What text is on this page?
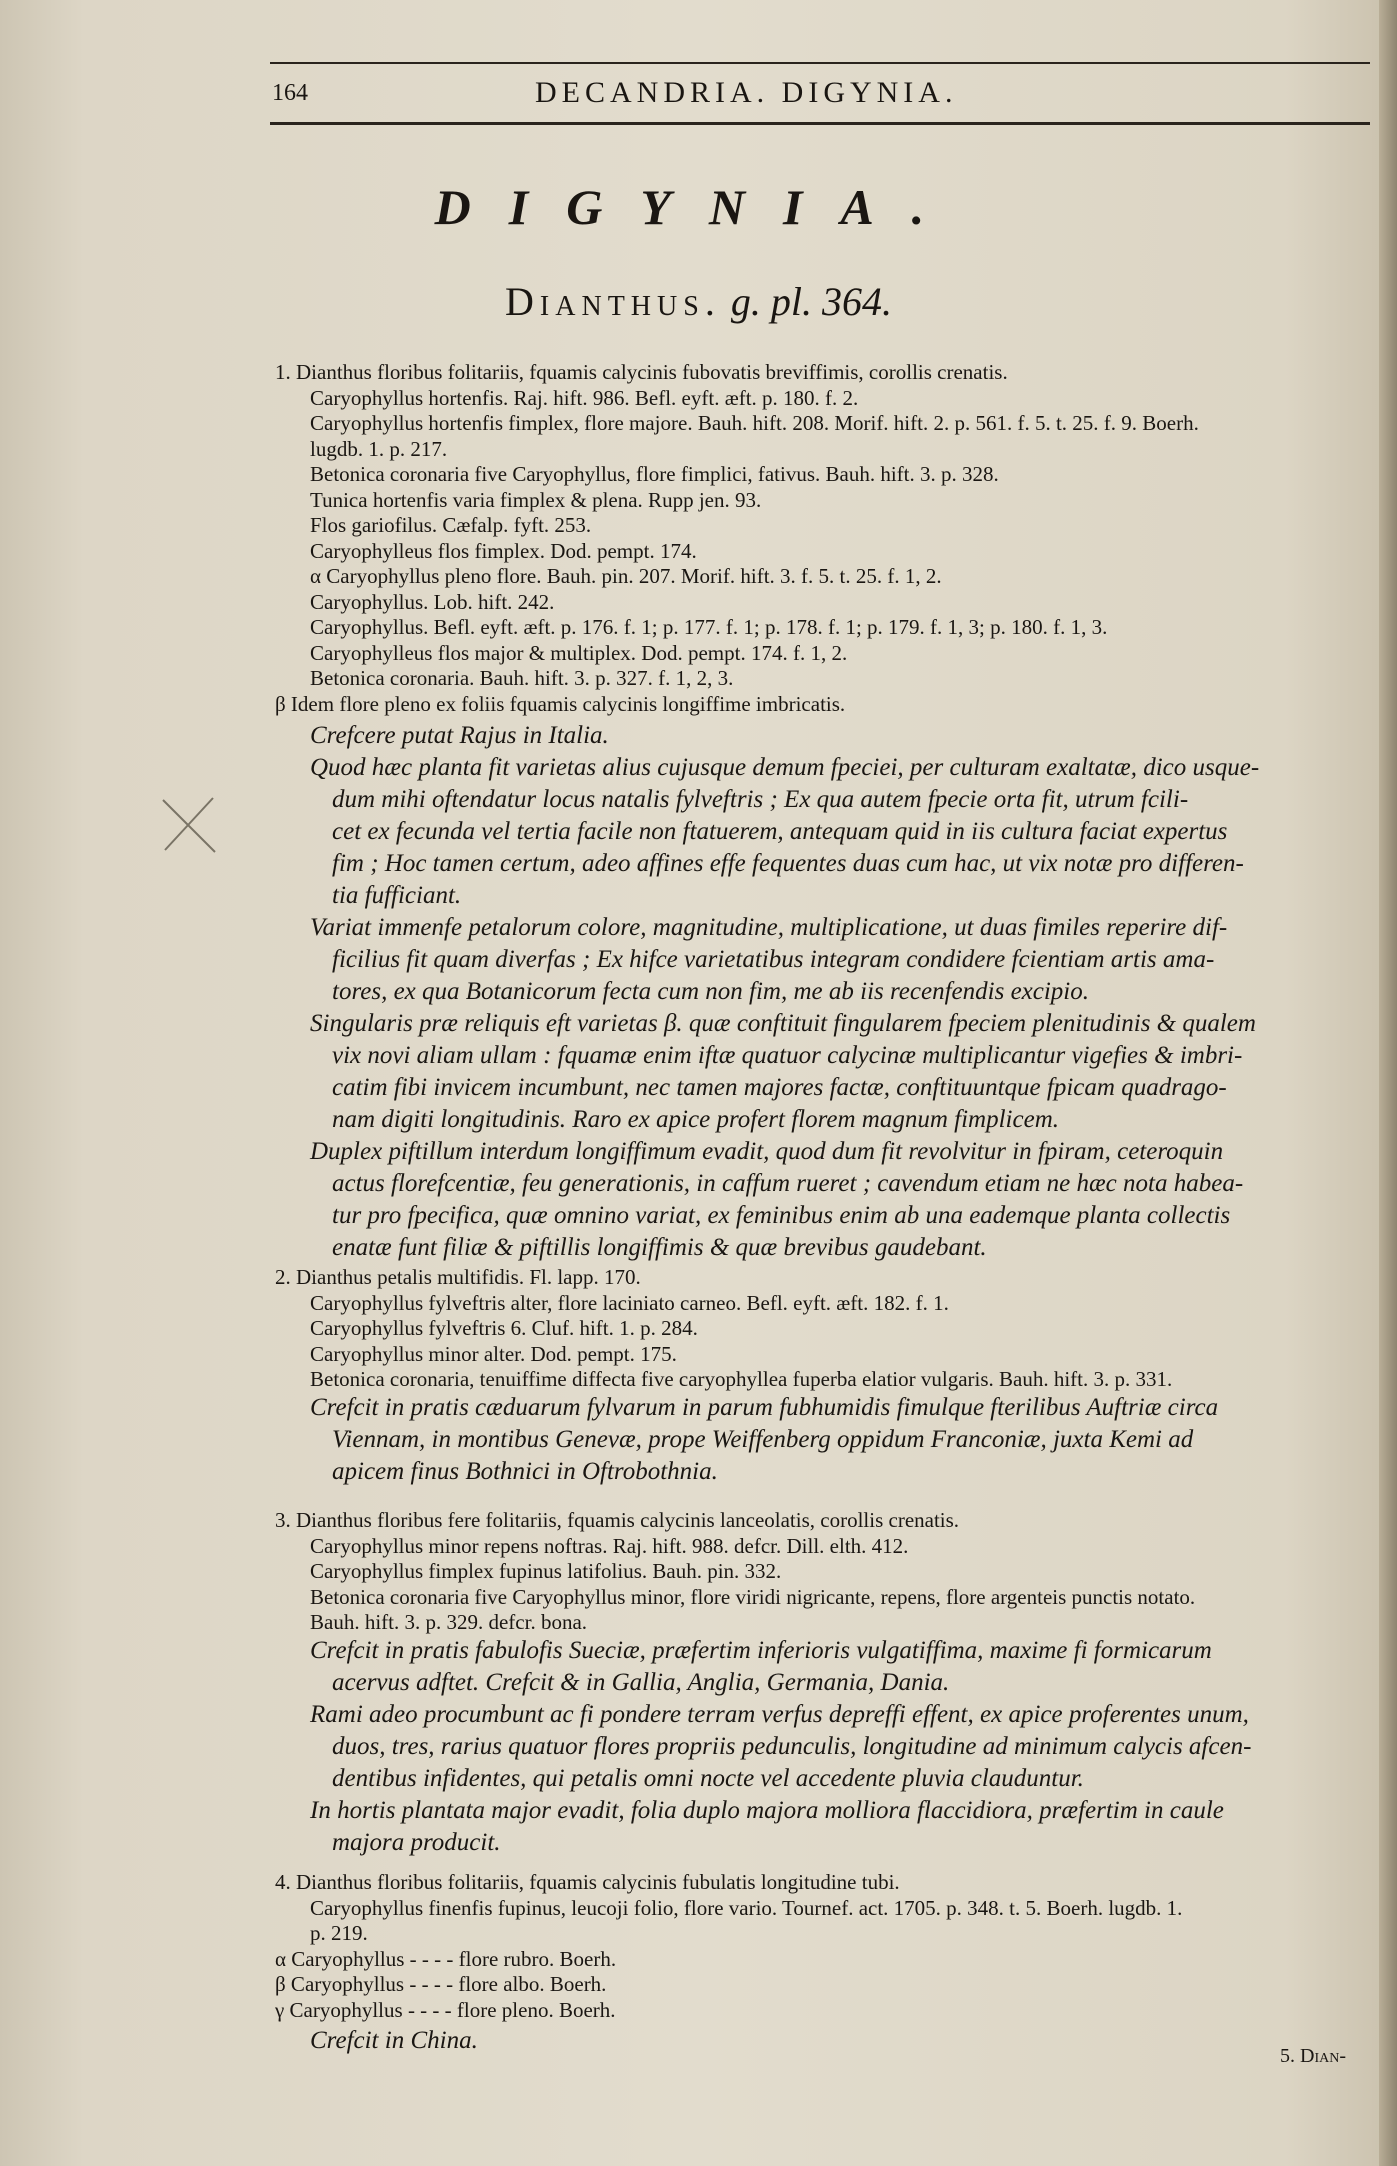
164	DECANDRIA. DIGYNIA.
DIGYNIA.
Dianthus. g. pl. 364.
1. Dianthus floribus folitariis, fquamis calycinis fubovatis breviffimis, corollis crenatis.
Caryophyllus hortenfis. Raj. hift. 986. Befl. eyft. æft. p. 180. f. 2.
Caryophyllus hortenfis fimplex, flore majore. Bauh. hift. 208. Morif. hift. 2. p. 561. f. 5. t. 25. f. 9. Boerh.
lugdb. 1. p. 217.
Betonica coronaria five Caryophyllus, flore fimplici, fativus. Bauh. hift. 3. p. 328.
Tunica hortenfis varia fimplex & plena. Rupp jen. 93.
Flos gariofilus. Cæfalp. fyft. 253.
Caryophylleus flos fimplex. Dod. pempt. 174.
α Caryophyllus pleno flore. Bauh. pin. 207. Morif. hift. 3. f. 5. t. 25. f. 1, 2.
Caryophyllus. Lob. hift. 242.
Caryophyllus. Befl. eyft. æft. p. 176. f. 1; p. 177. f. 1; p. 178. f. 1; p. 179. f. 1, 3; p. 180. f. 1, 3.
Caryophylleus flos major & multiplex. Dod. pempt. 174. f. 1, 2.
Betonica coronaria. Bauh. hift. 3. p. 327. f. 1, 2, 3.
β Idem flore pleno ex foliis fquamis calycinis longiffime imbricatis.
Crefcere putat Rajus in Italia.
Quod hæc planta fit varietas alius cujusque demum fpeciei, per culturam exaltatæ, dico usque-
dum mihi oftendatur locus natalis fylveftris ; Ex qua autem fpecie orta fit, utrum fcili-
cet ex fecunda vel tertia facile non ftatuerem, antequam quid in iis cultura faciat expertus
fim ; Hoc tamen certum, adeo affines effe fequentes duas cum hac, ut vix notæ pro differen-
tia fufficiant.
Variat immenfe petalorum colore, magnitudine, multiplicatione, ut duas fimiles reperire dif-
ficilius fit quam diverfas ; Ex hifce varietatibus integram condidere fcientiam artis ama-
tores, ex qua Botanicorum fecta cum non fim, me ab iis recenfendis excipio.
Singularis præ reliquis eft varietas β. quæ conftituit fingularem fpeciem plenitudinis & qualem
vix novi aliam ullam : fquamæ enim iftæ quatuor calycinæ multiplicantur vigefies & imbri-
catim fibi invicem incumbunt, nec tamen majores factæ, conftituuntque fpicam quadrago-
nam digiti longitudinis. Raro ex apice profert florem magnum fimplicem.
Duplex piftillum interdum longiffimum evadit, quod dum fit revolvitur in fpiram, ceteroquin
actus florefcentiæ, feu generationis, in caffum rueret ; cavendum etiam ne hæc nota habea-
tur pro fpecifica, quæ omnino variat, ex feminibus enim ab una eademque planta collectis
enatæ funt filiæ & piftillis longiffimis & quæ brevibus gaudebant.
2. Dianthus petalis multifidis. Fl. lapp. 170.
Caryophyllus fylveftris alter, flore laciniato carneo. Befl. eyft. æft. 182. f. 1.
Caryophyllus fylveftris 6. Cluf. hift. 1. p. 284.
Caryophyllus minor alter. Dod. pempt. 175.
Betonica coronaria, tenuiffime diffecta five caryophyllea fuperba elatior vulgaris. Bauh. hift. 3. p. 331.
Crefcit in pratis cæduarum fylvarum in parum fubhumidis fimulque fterilibus Auftriæ circa
Viennam, in montibus Genevæ, prope Weiffenberg oppidum Franconiæ, juxta Kemi ad
apicem finus Bothnici in Oftrobothnia.
3. Dianthus floribus fere folitariis, fquamis calycinis lanceolatis, corollis crenatis.
Caryophyllus minor repens noftras. Raj. hift. 988. defcr. Dill. elth. 412.
Caryophyllus fimplex fupinus latifolius. Bauh. pin. 332.
Betonica coronaria five Caryophyllus minor, flore viridi nigricante, repens, flore argenteis punctis notato.
Bauh. hift. 3. p. 329. defcr. bona.
Crefcit in pratis fabulofis Sueciæ, præfertim inferioris vulgatiffima, maxime fi formicarum
acervus adftet. Crefcit & in Gallia, Anglia, Germania, Dania.
Rami adeo procumbunt ac fi pondere terram verfus depreffi effent, ex apice proferentes unum,
duos, tres, rarius quatuor flores propriis pedunculis, longitudine ad minimum calycis afcen-
dentibus infidentes, qui petalis omni nocte vel accedente pluvia clauduntur.
In hortis plantata major evadit, folia duplo majora molliora flaccidiora, præfertim in caule
majora producit.
4. Dianthus floribus folitariis, fquamis calycinis fubulatis longitudine tubi.
Caryophyllus finenfis fupinus, leucoji folio, flore vario. Tournef. act. 1705. p. 348. t. 5. Boerh. lugdb. 1.
p. 219.
α Caryophyllus - - - - flore rubro. Boerh.
β Caryophyllus - - - - flore albo. Boerh.
γ Caryophyllus - - - - flore pleno. Boerh.
Crefcit in China.
5. Dian-
